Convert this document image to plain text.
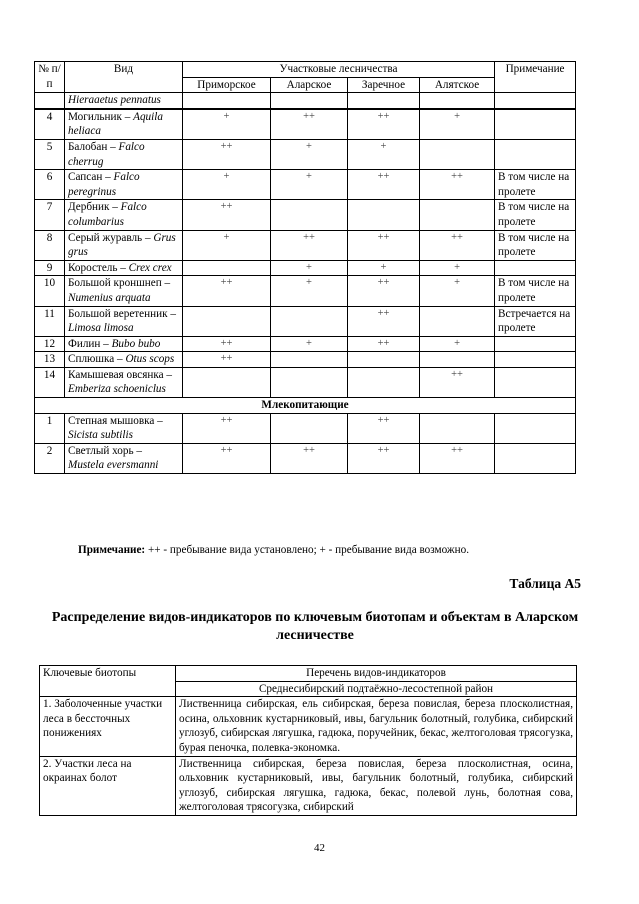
№ п/п	Вид	Участковые лесничества				Примечание
		Приморское	Аларское	Заречное	Алятское	
	Hieraaetus pennatus					
4	Могильник – Aquila heliaca	+	++	++	+	
5	Балобан – Falco cherrug	++	+	+		
6	Сапсан – Falco peregrinus	+	+	++	++	В том числе на пролете
7	Дербник – Falco columbarius	++				В том числе на пролете
8	Серый журавль – Grus grus	+	++	++	++	В том числе на пролете
9	Коростель – Crex crex		+	+	+	
10	Большой кроншнеп – Numenius arquata	++	+	++	+	В том числе на пролете
11	Большой веретенник – Limosa limosa			++		Встречается на пролете
12	Филин – Bubo bubo	++	+	++	+	
13	Сплюшка – Otus scops	++				
14	Камышевая овсянка –Emberiza schoeniclus				++	
Млекопитающие						
1	Степная мышовка – Sicista subtilis	++		++		
2	Светлый хорь – Mustela eversmanni	++	++	++	++	
Примечание: ++ - пребывание вида установлено; + - пребывание вида возможно.
Таблица А5
Распределение видов-индикаторов по ключевым биотопам и объектам в Аларском лесничестве
Ключевые биотопы	Перечень видов-индикаторов
	Среднесибирский подтаёжно-лесостепной район
1. Заболоченные участки леса в бессточных понижениях	Лиственница сибирская, ель сибирская, береза повислая, береза плосколистная, осина, ольховник кустарниковый, ивы, багульник болотный, голубика, сибирский углозуб, сибирская лягушка, гадюка, поручейник, бекас, желтоголовая трясогузка, бурая пеночка, полевка-экономка.
2. Участки леса на окраинах болот	Лиственница сибирская, береза повислая, береза плосколистная, осина, ольховник кустарниковый, ивы, багульник болотный, голубика, сибирский углозуб, сибирская лягушка, гадюка, бекас, полевой лунь, болотная сова, желтоголовая трясогузка, сибирский
42
